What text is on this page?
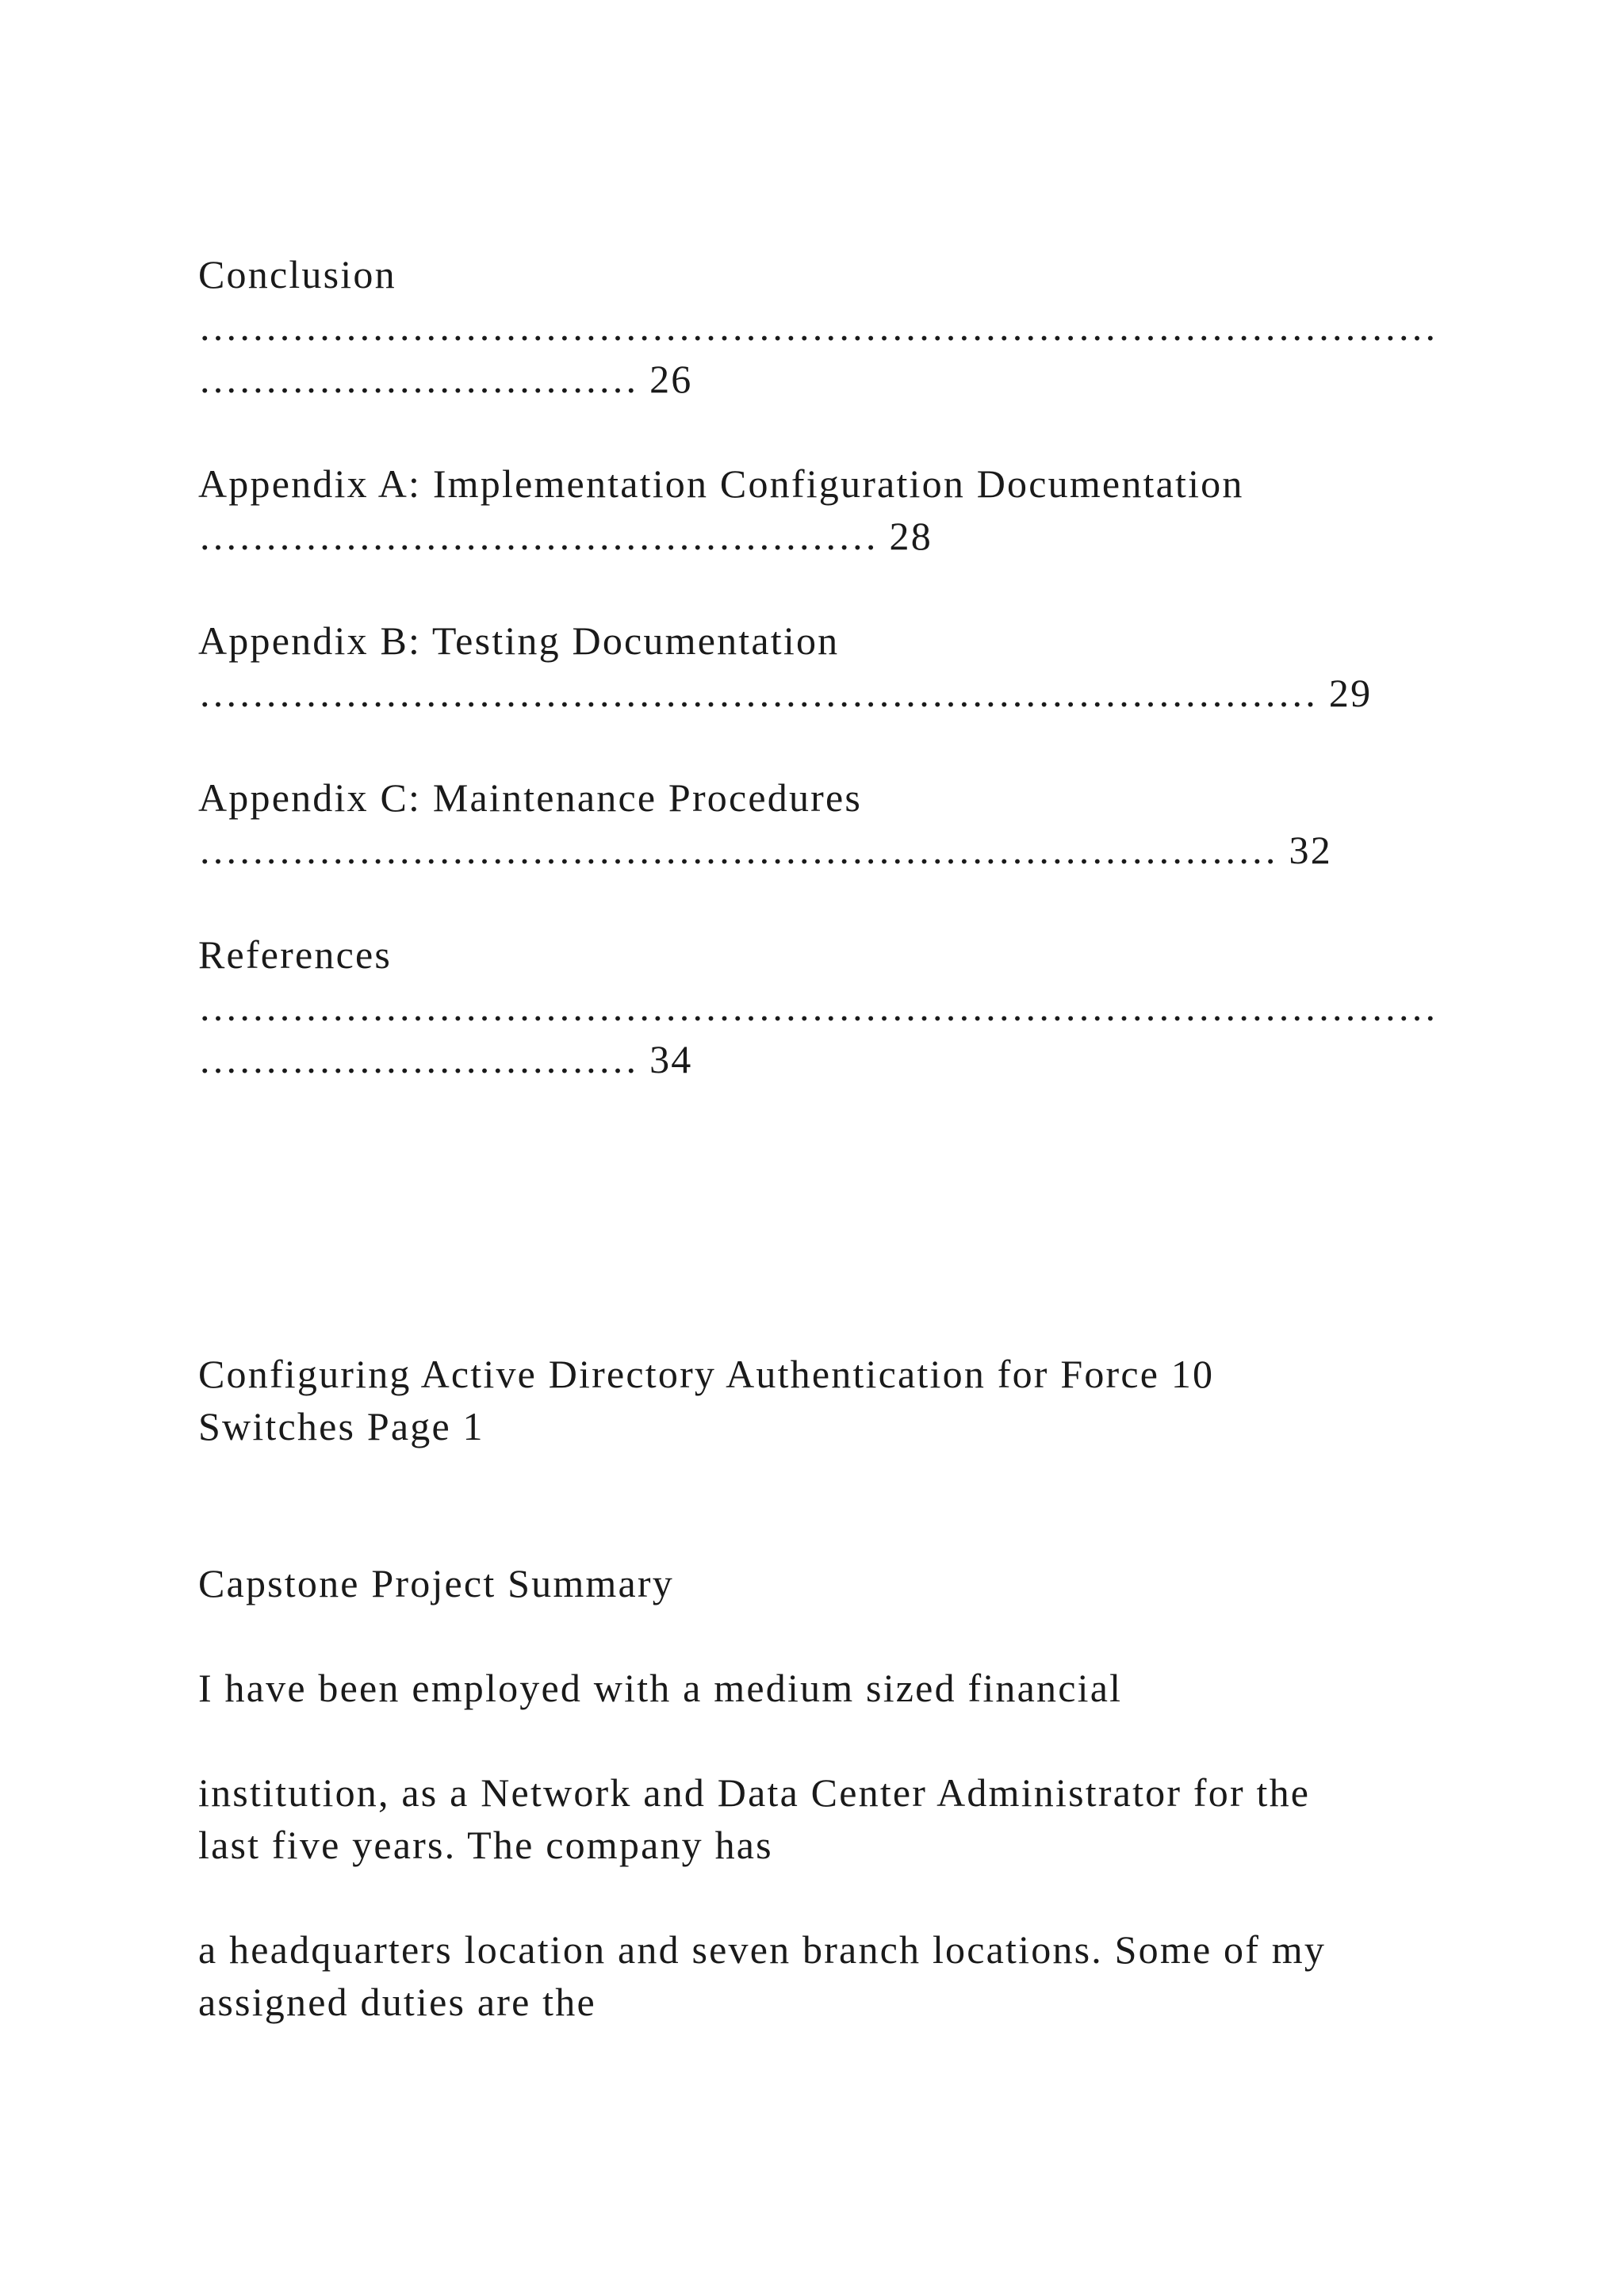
Conclusion
…………………………………………………………………………………
…………………………… 26
Appendix A: Implementation Configuration Documentation
…………………………………………… 28
Appendix B: Testing Documentation
………………………………………………………………………… 29
Appendix C: Maintenance Procedures
……………………………………………………………………… 32
References
…………………………………………………………………………………
…………………………… 34
Configuring Active Directory Authentication for Force 10
Switches Page 1
Capstone Project Summary
I have been employed with a medium sized financial
institution, as a Network and Data Center Administrator for the
last five years. The company has
a headquarters location and seven branch locations. Some of my
assigned duties are the
